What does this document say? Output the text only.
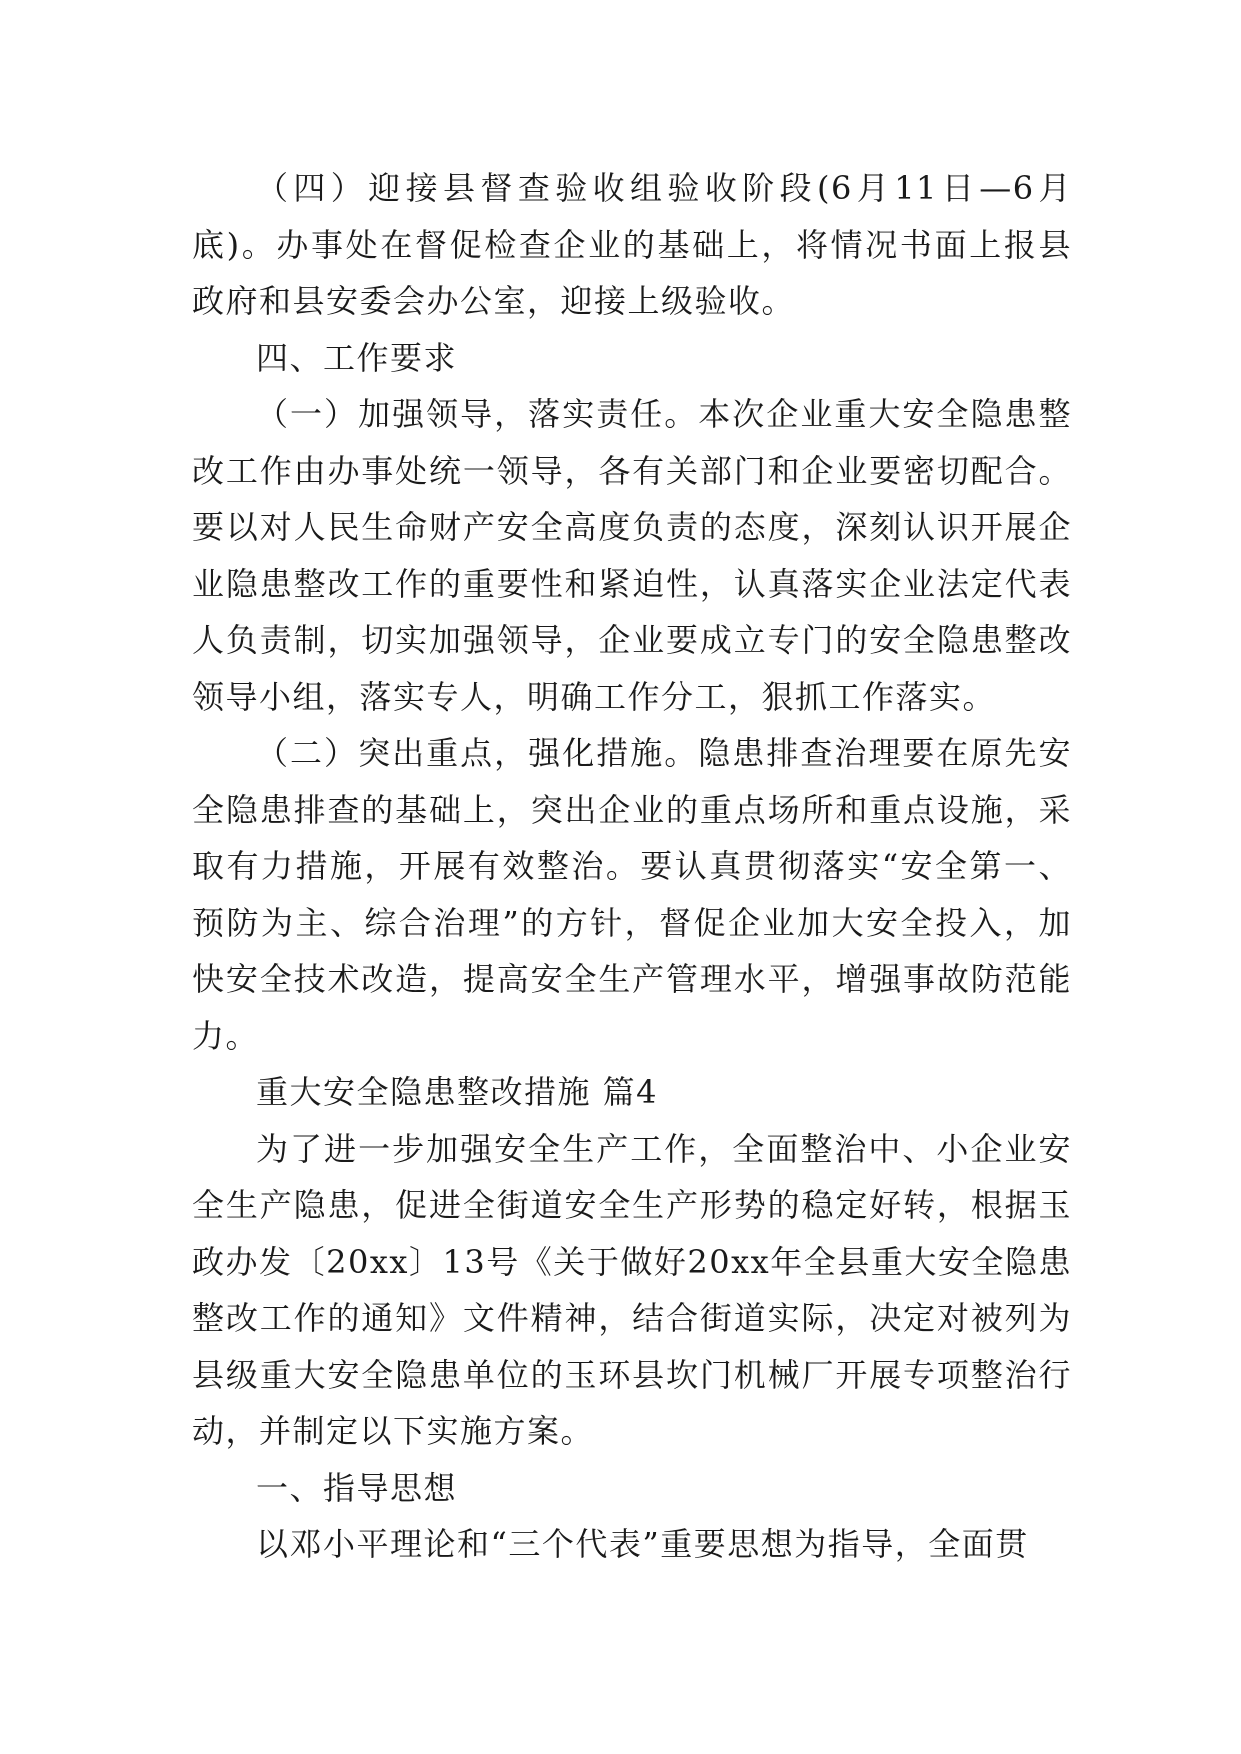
（四）迎接县督查验收组验收阶段(6月11日—6月底)。办事处在督促检查企业的基础上，将情况书面上报县政府和县安委会办公室，迎接上级验收。

四、工作要求

（一）加强领导，落实责任。本次企业重大安全隐患整改工作由办事处统一领导，各有关部门和企业要密切配合。要以对人民生命财产安全高度负责的态度，深刻认识开展企业隐患整改工作的重要性和紧迫性，认真落实企业法定代表人负责制，切实加强领导，企业要成立专门的安全隐患整改领导小组，落实专人，明确工作分工，狠抓工作落实。

（二）突出重点，强化措施。隐患排查治理要在原先安全隐患排查的基础上，突出企业的重点场所和重点设施，采取有力措施，开展有效整治。要认真贯彻落实“安全第一、预防为主、综合治理”的方针，督促企业加大安全投入，加快安全技术改造，提高安全生产管理水平，增强事故防范能力。

重大安全隐患整改措施 篇4

为了进一步加强安全生产工作，全面整治中、小企业安全生产隐患，促进全街道安全生产形势的稳定好转，根据玉政办发〔20xx〕13号《关于做好20xx年全县重大安全隐患整改工作的通知》文件精神，结合街道实际，决定对被列为县级重大安全隐患单位的玉环县坎门机械厂开展专项整治行动，并制定以下实施方案。

一、指导思想

以邓小平理论和“三个代表”重要思想为指导，全面贯
